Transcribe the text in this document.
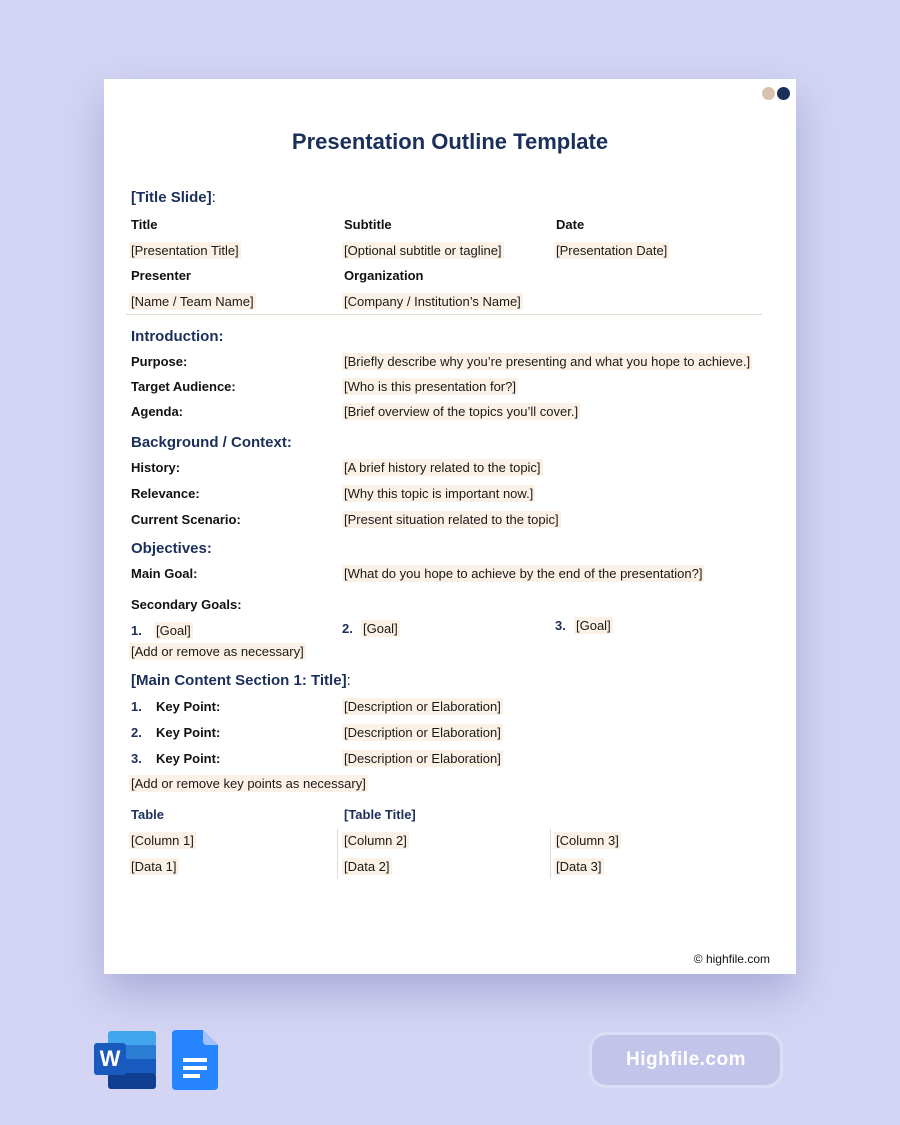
Presentation Outline Template
[Title Slide]:
Title	Subtitle	Date
[Presentation Title]	[Optional subtitle or tagline]	[Presentation Date]
Presenter	Organization
[Name / Team Name]	[Company / Institution’s Name]
Introduction:
Purpose:	[Briefly describe why you’re presenting and what you hope to achieve.]
Target Audience:	[Who is this presentation for?]
Agenda:	[Brief overview of the topics you’ll cover.]
Background / Context:
History:	[A brief history related to the topic]
Relevance:	[Why this topic is important now.]
Current Scenario:	[Present situation related to the topic]
Objectives:
Main Goal:	[What do you hope to achieve by the end of the presentation?]
Secondary Goals:
1. [Goal]	2. [Goal]	3. [Goal]
[Add or remove as necessary]
[Main Content Section 1: Title]:
1. Key Point:	[Description or Elaboration]
2. Key Point:	[Description or Elaboration]
3. Key Point:	[Description or Elaboration]
[Add or remove key points as necessary]
Table	[Table Title]
[Column 1]	[Column 2]	[Column 3]
[Data 1]	[Data 2]	[Data 3]
© highfile.com
W	Highfile.com
